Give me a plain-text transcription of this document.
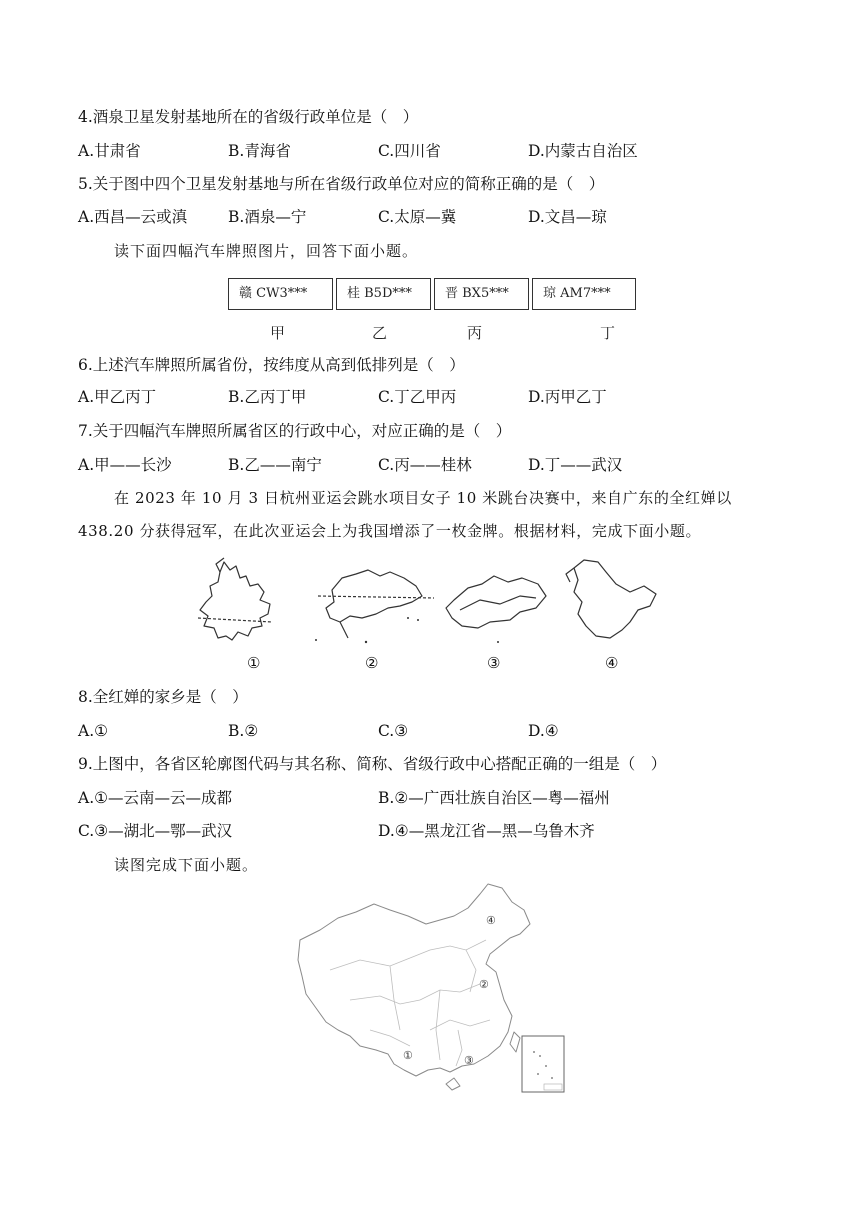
4.酒泉卫星发射基地所在的省级行政单位是（　）
A.甘肃省	B.青海省	C.四川省	D.内蒙古自治区
5.关于图中四个卫星发射基地与所在省级行政单位对应的简称正确的是（　）
A.西昌—云或滇	B.酒泉—宁	C.太原—冀	D.文昌—琼
读下面四幅汽车牌照图片，回答下面小题。
赣 CW3***	桂 B5D***	晋 BX5***	琼 AM7***
甲	乙	丙	丁
6.上述汽车牌照所属省份，按纬度从高到低排列是（　）
A.甲乙丙丁	B.乙丙丁甲	C.丁乙甲丙	D.丙甲乙丁
7.关于四幅汽车牌照所属省区的行政中心，对应正确的是（　）
A.甲——长沙	B.乙——南宁	C.丙——桂林	D.丁——武汉
在 2023 年 10 月 3 日杭州亚运会跳水项目女子 10 米跳台决赛中，来自广东的全红婵以
438.20 分获得冠军，在此次亚运会上为我国增添了一枚金牌。根据材料，完成下面小题。
①	②	③	④
8.全红婵的家乡是（　）
A.①	B.②	C.③	D.④
9.上图中，各省区轮廓图代码与其名称、简称、省级行政中心搭配正确的一组是（　）
A.①—云南—云—成都	B.②—广西壮族自治区—粤—福州
C.③—湖北—鄂—武汉	D.④—黑龙江省—黑—乌鲁木齐
读图完成下面小题。
④
②
①	③
